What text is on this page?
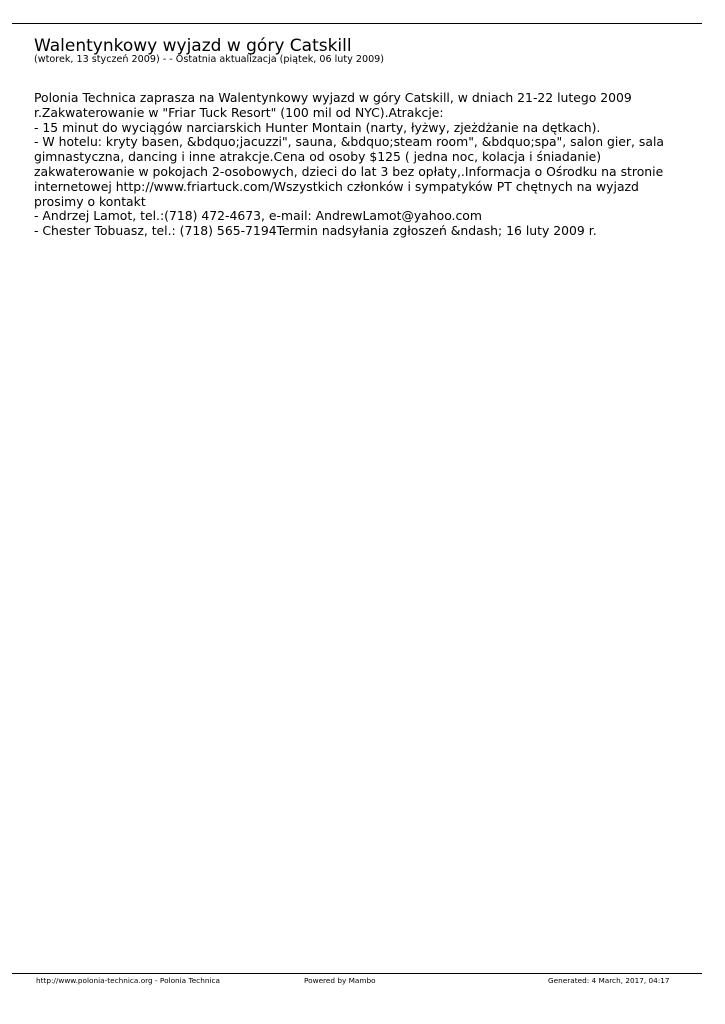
Walentynkowy wyjazd w góry Catskill
(wtorek, 13 styczeń 2009) - - Ostatnia aktualizacja (piątek, 06 luty 2009)
Polonia Technica zaprasza na Walentynkowy wyjazd w góry Catskill, w dniach 21-22 lutego 2009
r.Zakwaterowanie w "Friar Tuck Resort" (100 mil od NYC).Atrakcje:
- 15 minut do wyciągów narciarskich Hunter Montain (narty, łyżwy, zjeżdżanie na dętkach).
- W hotelu: kryty basen, &bdquo;jacuzzi", sauna, &bdquo;steam room", &bdquo;spa", salon gier, sala
gimnastyczna, dancing i inne atrakcje.Cena od osoby $125 ( jedna noc, kolacja i śniadanie)
zakwaterowanie w pokojach 2-osobowych, dzieci do lat 3 bez opłaty,.Informacja o Ośrodku na stronie
internetowej http://www.friartuck.com/Wszystkich członków i sympatyków PT chętnych na wyjazd
prosimy o kontakt
- Andrzej Lamot, tel.:(718) 472-4673, e-mail: AndrewLamot@yahoo.com
- Chester Tobuasz, tel.: (718) 565-7194Termin nadsyłania zgłoszeń &ndash; 16 luty 2009 r.
http://www.polonia-technica.org - Polonia Technica	Powered by Mambo	Generated: 4 March, 2017, 04:17
